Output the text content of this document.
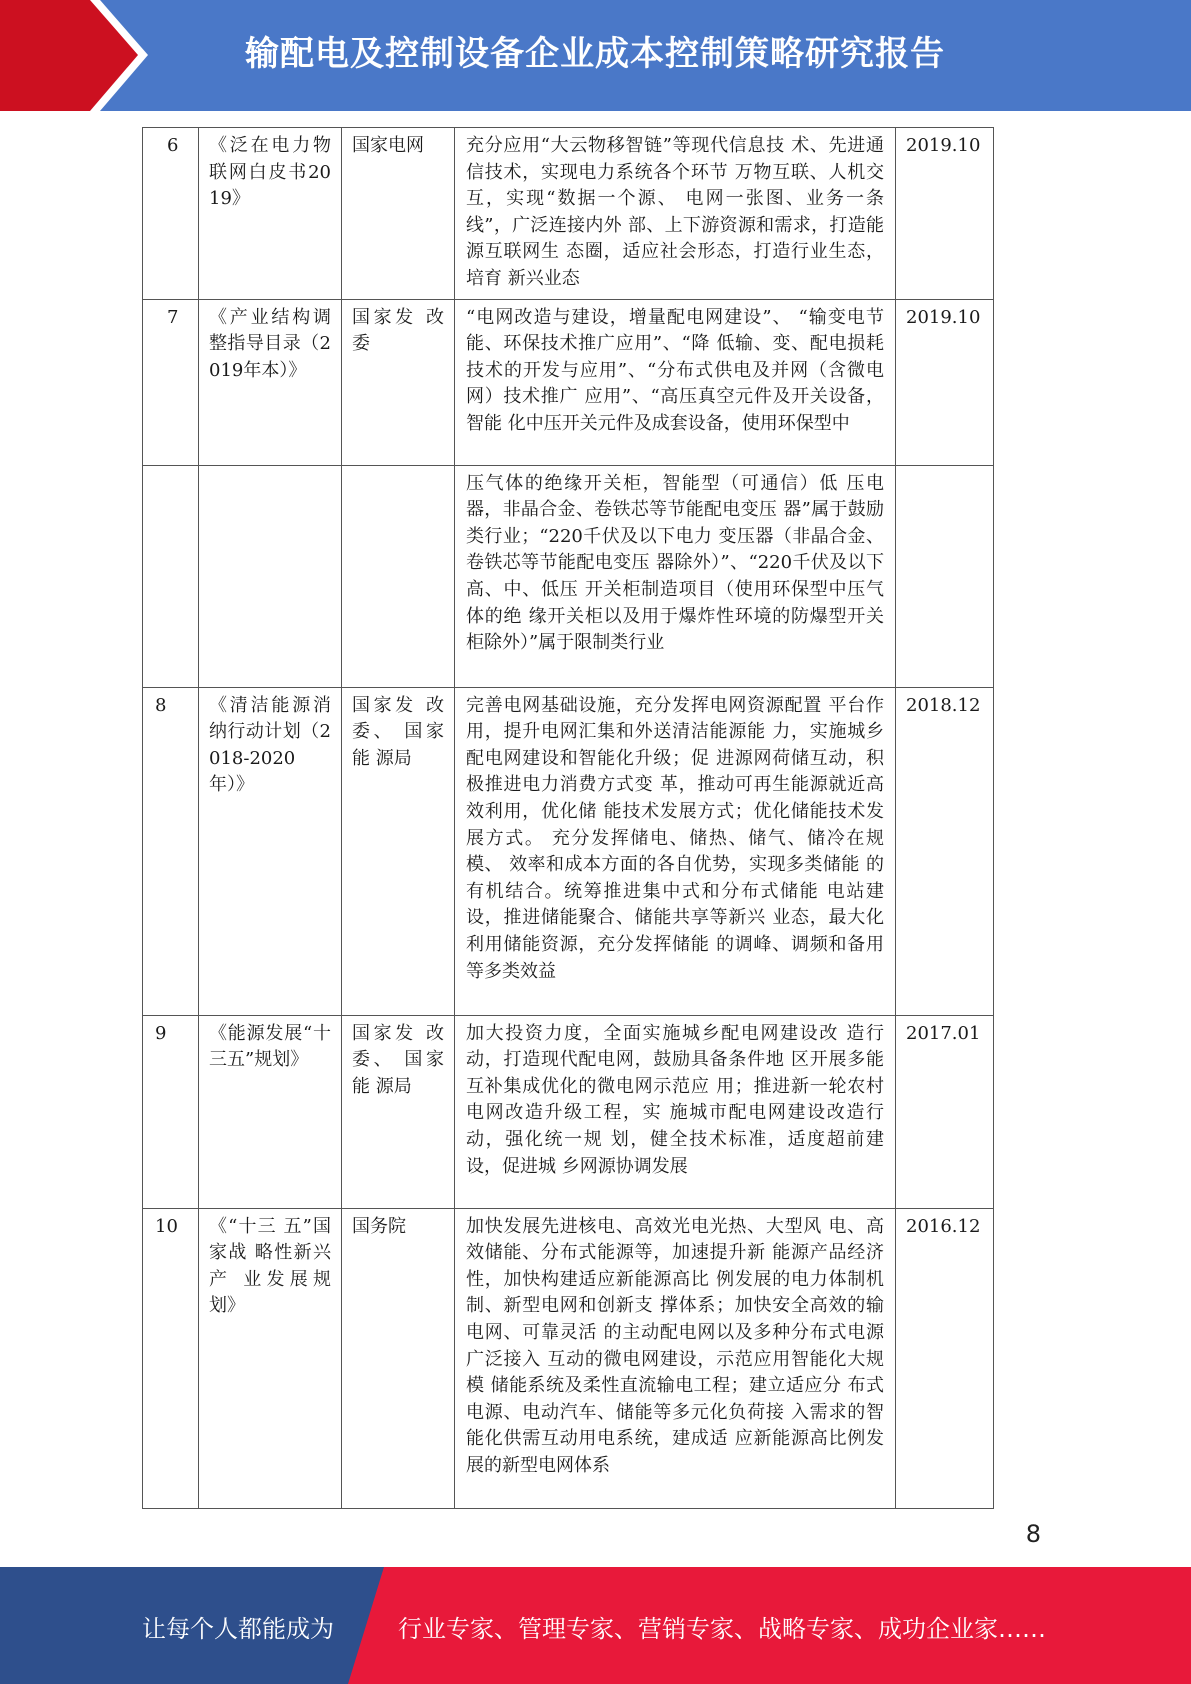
输配电及控制设备企业成本控制策略研究报告
6	《泛在电力物联网白皮书2019》	国家电网	充分应用“大云物移智链”等现代信息技 术、先进通信技术，实现电力系统各个环节 万物互联、人机交互，实现“数据一个源、 电网一张图、业务一条线”，广泛连接内外 部、上下游资源和需求，打造能源互联网生 态圈，适应社会形态，打造行业生态，培育 新兴业态	2019.10
7	《产业结构调整指导目录（2019年本）》	国家发 改委	“电网改造与建设，增量配电网建设”、 “输变电节能、环保技术推广应用”、“降 低输、变、配电损耗技术的开发与应用”、“分布式供电及并网（含微电网）技术推广 应用”、“高压真空元件及开关设备，智能 化中压开关元件及成套设备，使用环保型中	2019.10
			压气体的绝缘开关柜，智能型（可通信）低 压电器，非晶合金、卷铁芯等节能配电变压 器”属于鼓励类行业；“220千伏及以下电力 变压器（非晶合金、卷铁芯等节能配电变压 器除外）”、“220千伏及以下高、中、低压 开关柜制造项目（使用环保型中压气体的绝 缘开关柜以及用于爆炸性环境的防爆型开关 柜除外）”属于限制类行业	
8	《清洁能源消纳行动计划（2018-2020年）》	国家发 改委、 国家能 源局	完善电网基础设施，充分发挥电网资源配置 平台作用，提升电网汇集和外送清洁能源能 力，实施城乡配电网建设和智能化升级；促 进源网荷储互动，积极推进电力消费方式变 革，推动可再生能源就近高效利用，优化储 能技术发展方式；优化储能技术发展方式。 充分发挥储电、储热、储气、储冷在规模、 效率和成本方面的各自优势，实现多类储能 的有机结合。统筹推进集中式和分布式储能 电站建设，推进储能聚合、储能共享等新兴 业态，最大化利用储能资源，充分发挥储能 的调峰、调频和备用等多类效益	2018.12
9	《能源发展“十三五”规划》	国家发 改委、 国家能 源局	加大投资力度，全面实施城乡配电网建设改 造行动，打造现代配电网，鼓励具备条件地 区开展多能互补集成优化的微电网示范应 用；推进新一轮农村电网改造升级工程，实 施城市配电网建设改造行动，强化统一规 划，健全技术标准，适度超前建设，促进城 乡网源协调发展	2017.01
10	《“十三 五”国家战 略性新兴产 业发展规 划》	国务院	加快发展先进核电、高效光电光热、大型风 电、高效储能、分布式能源等，加速提升新 能源产品经济性，加快构建适应新能源高比 例发展的电力体制机制、新型电网和创新支 撑体系；加快安全高效的输电网、可靠灵活 的主动配电网以及多种分布式电源广泛接入 互动的微电网建设，示范应用智能化大规模 储能系统及柔性直流输电工程；建立适应分 布式电源、电动汽车、储能等多元化负荷接 入需求的智能化供需互动用电系统，建成适 应新能源高比例发展的新型电网体系	2016.12
8
让每个人都能成为	行业专家、管理专家、营销专家、战略专家、成功企业家……
